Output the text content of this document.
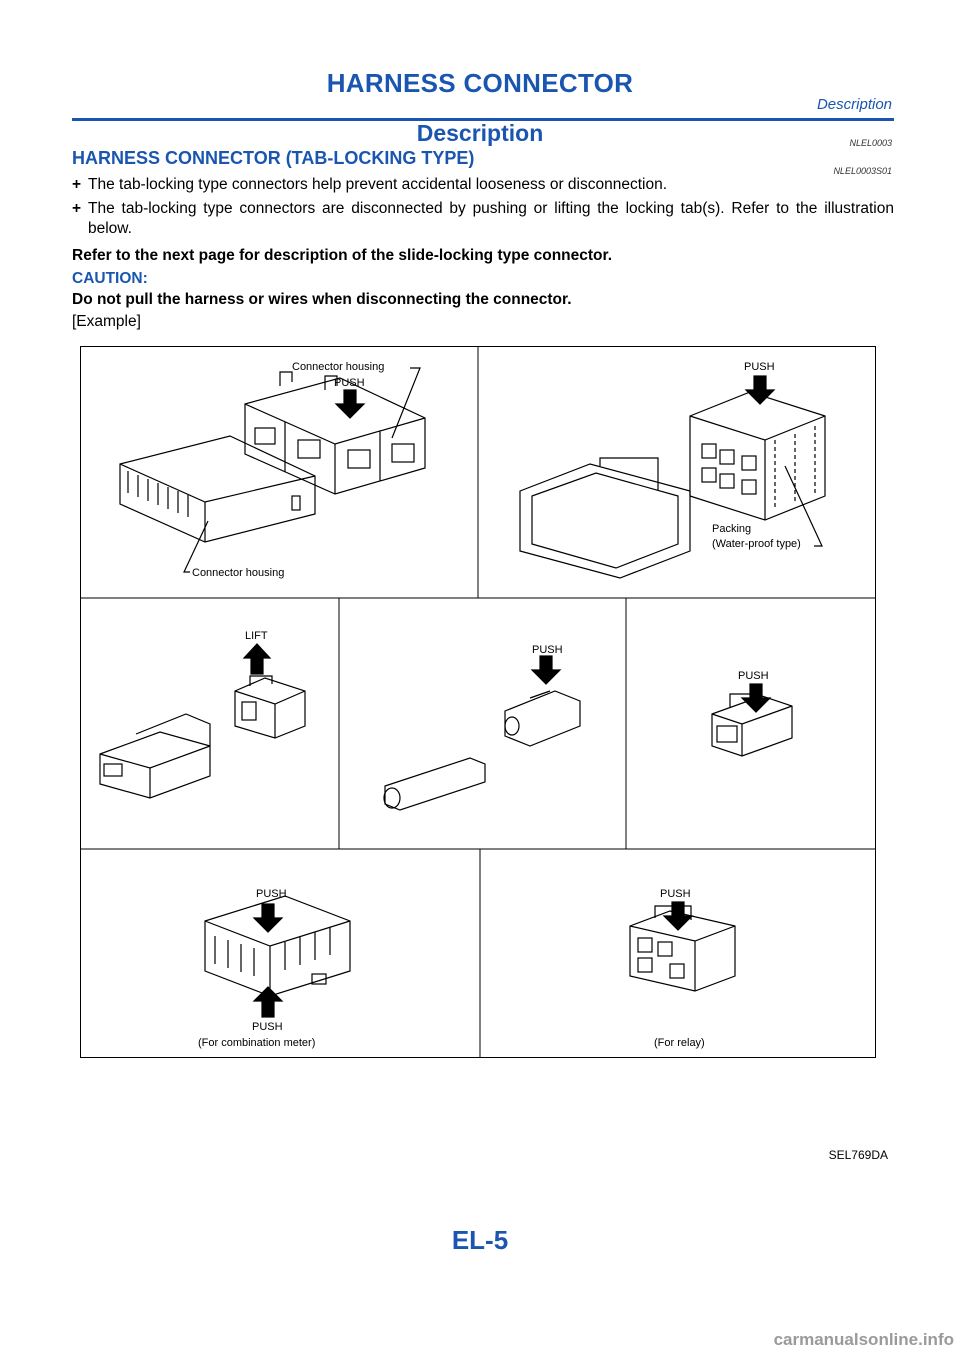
HARNESS CONNECTOR
Description
Description	NLEL0003
HARNESS CONNECTOR (TAB-LOCKING TYPE)
NLEL0003S01
+ The tab-locking type connectors help prevent accidental looseness or disconnection.
+ The tab-locking type connectors are disconnected by pushing or lifting the locking tab(s). Refer to the illustration below.
Refer to the next page for description of the slide-locking type connector.
CAUTION:
Do not pull the harness or wires when disconnecting the connector.
[Example]
PUSH
Connector housing
Connector housing
PUSH
Packing
(Water-proof type)
LIFT
PUSH
PUSH
PUSH
PUSH
(For combination meter)
PUSH
(For relay)
SEL769DA
EL-5
carmanualsonline.info
